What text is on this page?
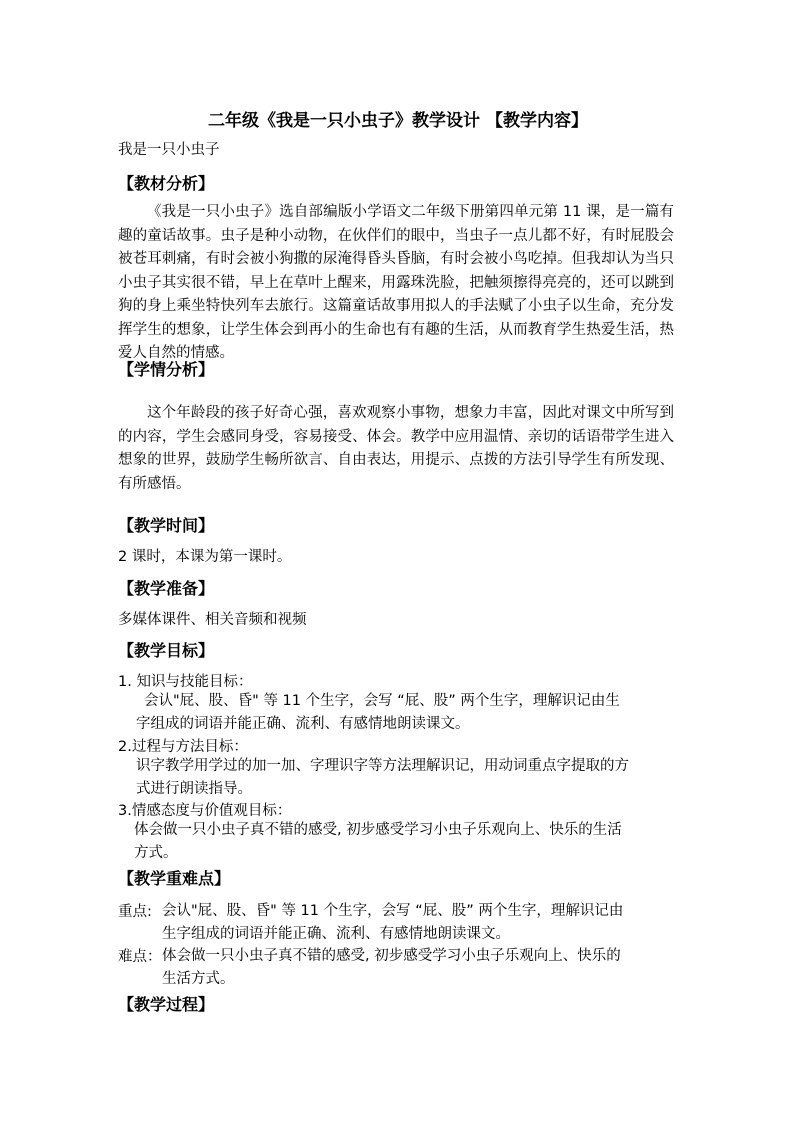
二年级《我是一只小虫子》教学设计 【教学内容】
我是一只小虫子
【教材分析】
《我是一只小虫子》选自部编版小学语文二年级下册第四单元第 11 课，是一篇有趣的童话故事。虫子是种小动物，在伙伴们的眼中，当虫子一点儿都不好，有时屁股会被苍耳刺痛，有时会被小狗撒的尿淹得昏头昏脑，有时会被小鸟吃掉。但我却认为当只小虫子其实很不错，早上在草叶上醒来，用露珠洗脸，把触须擦得亮亮的，还可以跳到狗的身上乘坐特快列车去旅行。这篇童话故事用拟人的手法赋了小虫子以生命，充分发挥学生的想象，让学生体会到再小的生命也有有趣的生活，从而教育学生热爱生活，热爱人自然的情感。
【学情分析】
这个年龄段的孩子好奇心强，喜欢观察小事物，想象力丰富，因此对课文中所写到的内容，学生会感同身受，容易接受、体会。教学中应用温情、亲切的话语带学生进入想象的世界，鼓励学生畅所欲言、自由表达，用提示、点拨的方法引导学生有所发现、有所感悟。
【教学时间】
2 课时，本课为第一课时。
【教学准备】
多媒体课件、相关音频和视频
【教学目标】
1. 知识与技能目标：
会认"屁、股、昏" 等 11 个生字，会写 “屁、股” 两个生字，理解识记由生
字组成的词语并能正确、流利、有感情地朗读课文。
2.过程与方法目标：
识字教学用学过的加一加、字理识字等方法理解识记，用动词重点字提取的方
式进行朗读指导。
3.情感态度与价值观目标：
体会做一只小虫子真不错的感受, 初步感受学习小虫子乐观向上、快乐的生活
方式。
【教学重难点】
重点: 会认"屁、股、昏" 等 11 个生字，会写 “屁、股” 两个生字，理解识记由
生字组成的词语并能正确、流利、有感情地朗读课文。
难点： 体会做一只小虫子真不错的感受, 初步感受学习小虫子乐观向上、快乐的
生活方式。
【教学过程】
